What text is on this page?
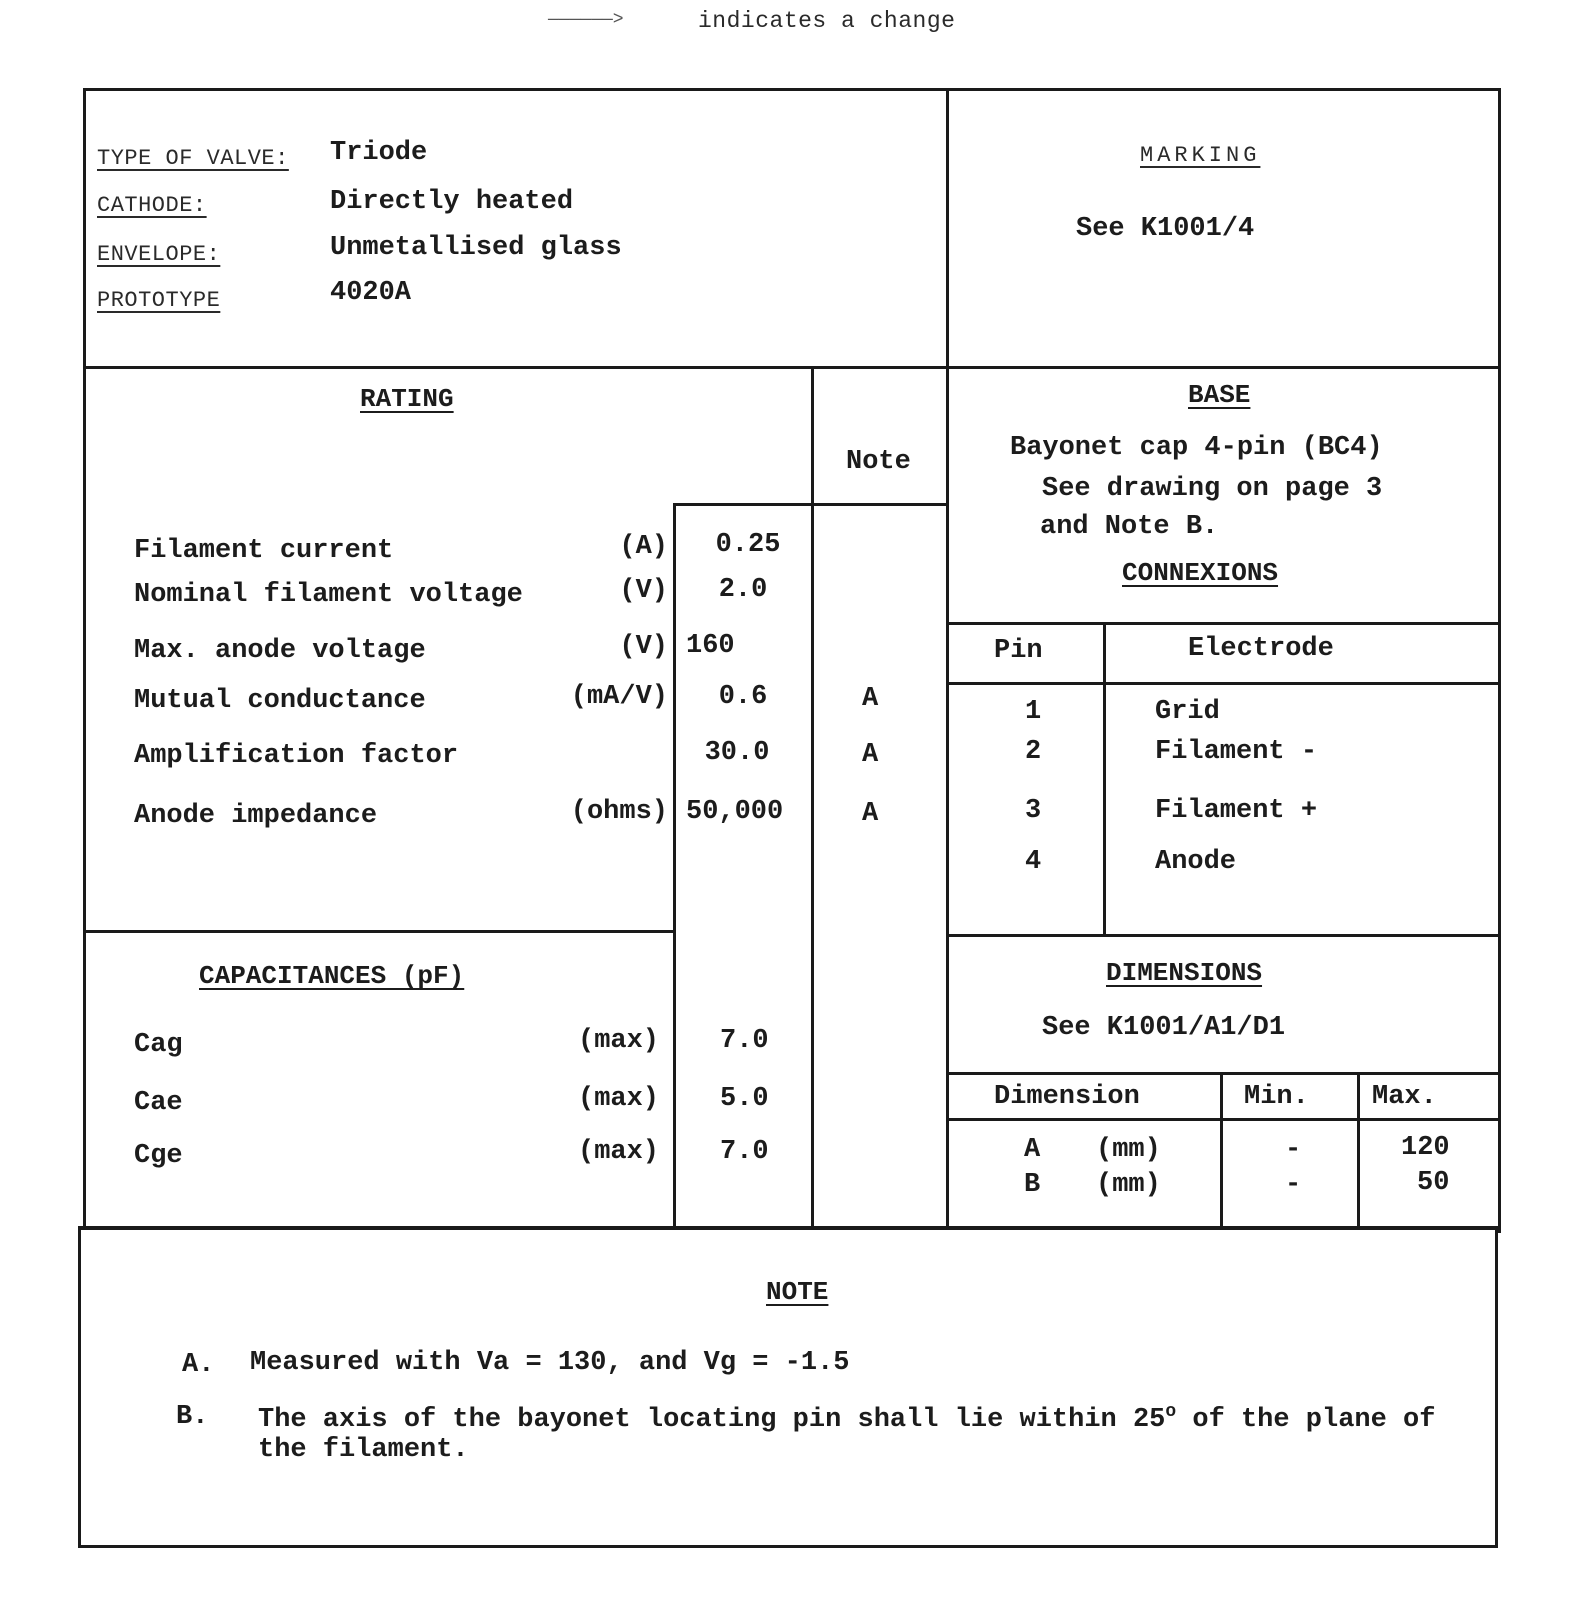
——————>	indicates a change
TYPE OF VALVE: Triode
CATHODE:	Directly heated
ENVELOPE:	Unmetallised glass
PROTOTYPE	4020A
MARKING
See K1001/4
RATING
Note
Filament current	(A)	0.25
Nominal filament voltage	(V)	2.0
Max. anode voltage	(V) 160
Mutual conductance	(mA/V)	0.6	A
Amplification factor	30.0	A
Anode impedance	(ohms) 50,000	A
CAPACITANCES (pF)
Cag	(max) 7.0
Cae	(max) 5.0
Cge	(max) 7.0
BASE
Bayonet cap 4-pin (BC4)
See drawing on page 3
and Note B.
CONNEXIONS
Pin	Electrode
1	Grid
2	Filament -
3	Filament +
4	Anode
DIMENSIONS
See K1001/A1/D1
Dimension	Min. Max.
A (mm)	-	120
B (mm)	-	50
NOTE
A. Measured with Va = 130, and Vg = -1.5
B. The axis of the bayonet locating pin shall lie within 25$^o$ of the plane of
the filament.
